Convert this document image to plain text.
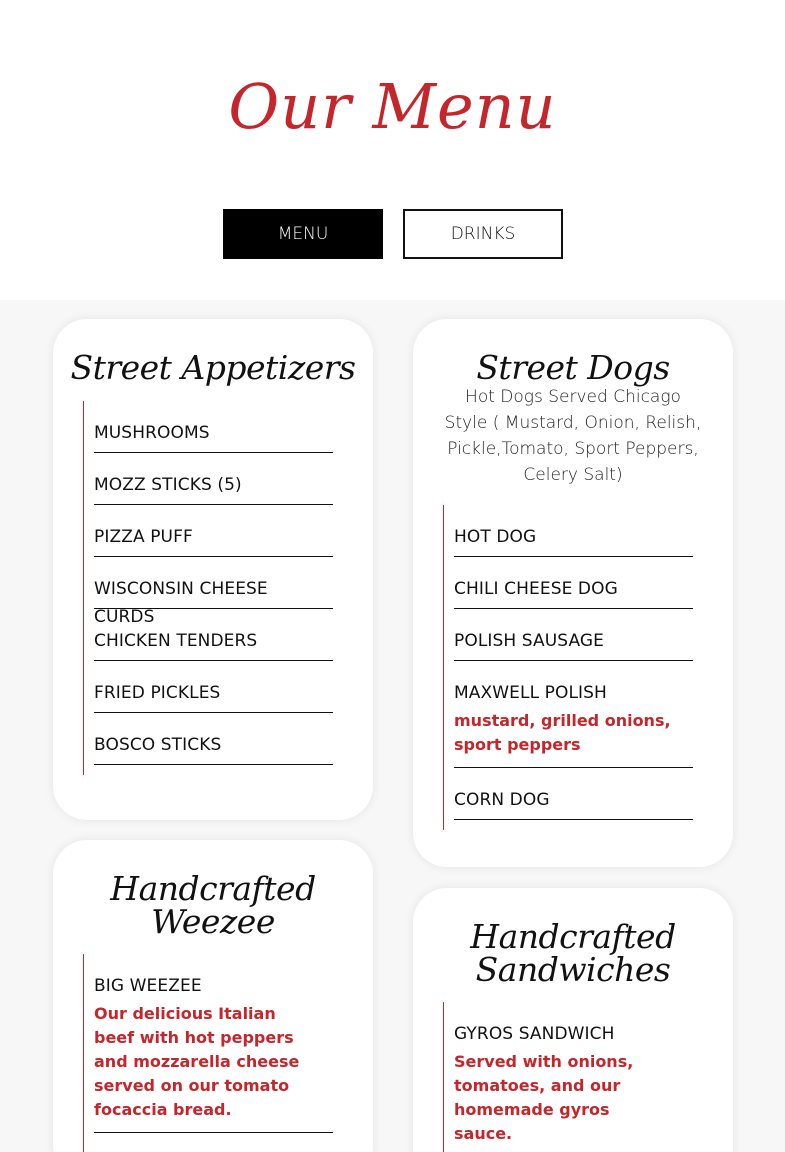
Our Menu
MENU	DRINKS
Street Appetizers
MUSHROOMS
MOZZ STICKS (5)
PIZZA PUFF
WISCONSIN CHEESE CURDS
CHICKEN TENDERS
FRIED PICKLES
BOSCO STICKS
Street Dogs
Hot Dogs Served Chicago Style ( Mustard, Onion, Relish, Pickle,Tomato, Sport Peppers, Celery Salt)
HOT DOG
CHILI CHEESE DOG
POLISH SAUSAGE
MAXWELL POLISH
mustard, grilled onions, sport peppers
CORN DOG
Handcrafted
Weezee
BIG WEEZEE
Our delicious Italian beef with hot peppers and mozzarella cheese served on our tomato focaccia bread.
Handcrafted
Sandwiches
GYROS SANDWICH
Served with onions, tomatoes, and our homemade gyros sauce.
